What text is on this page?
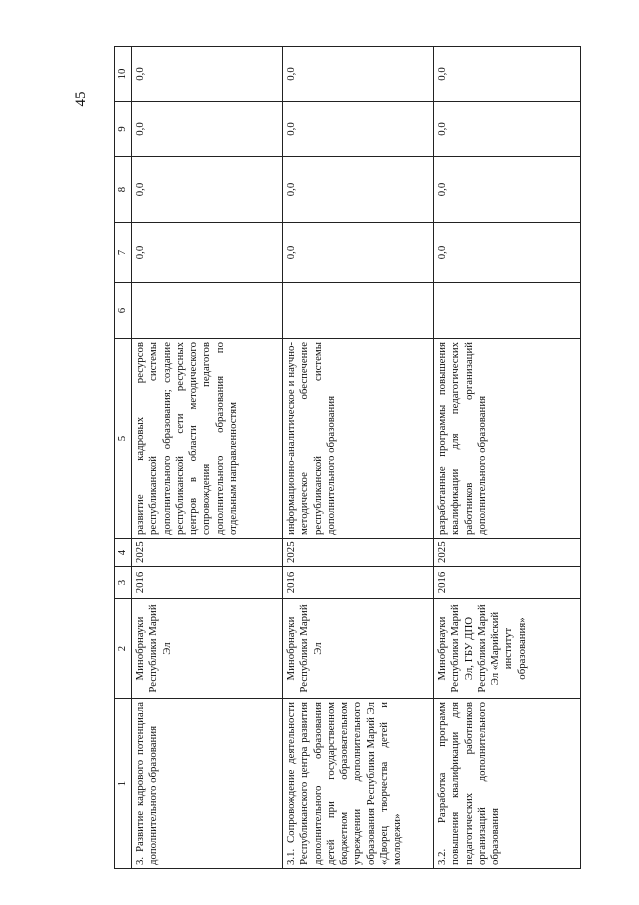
45
1	2	3	4	5	6	7	8	9	10
3. Развитие кадрового потенциала дополнительного образования	Минобрнауки Республики Марий Эл	2016	2025	развитие кадровых ресурсов республиканской системы дополнительного образования; создание республиканской сети ресурсных центров в области методического сопровождения педагогов дополнительного образования по отдельным направленностям		0,0	0,0	0,0	0,0
3.1. Сопровождение деятельности Республиканского центра развития дополнительного образования детей при государственном бюджетном образовательном учреждении дополнительного образования Республики Марий Эл «Дворец творчества детей и молодежи»	Минобрнауки Республики Марий Эл	2016	2025	информационно-аналитическое и научно-методическое обеспечение республиканской системы дополнительного образования		0,0	0,0	0,0	0,0
3.2. Разработка программ повышения квалификации для педагогических работников организаций дополнительного образования	Минобрнауки Республики Марий Эл, ГБУ ДПО Республики Марий Эл «Марийский институт образования»	2016	2025	разработанные программы повышения квалификации для педагогических работников организаций дополнительного образования		0,0	0,0	0,0	0,0
